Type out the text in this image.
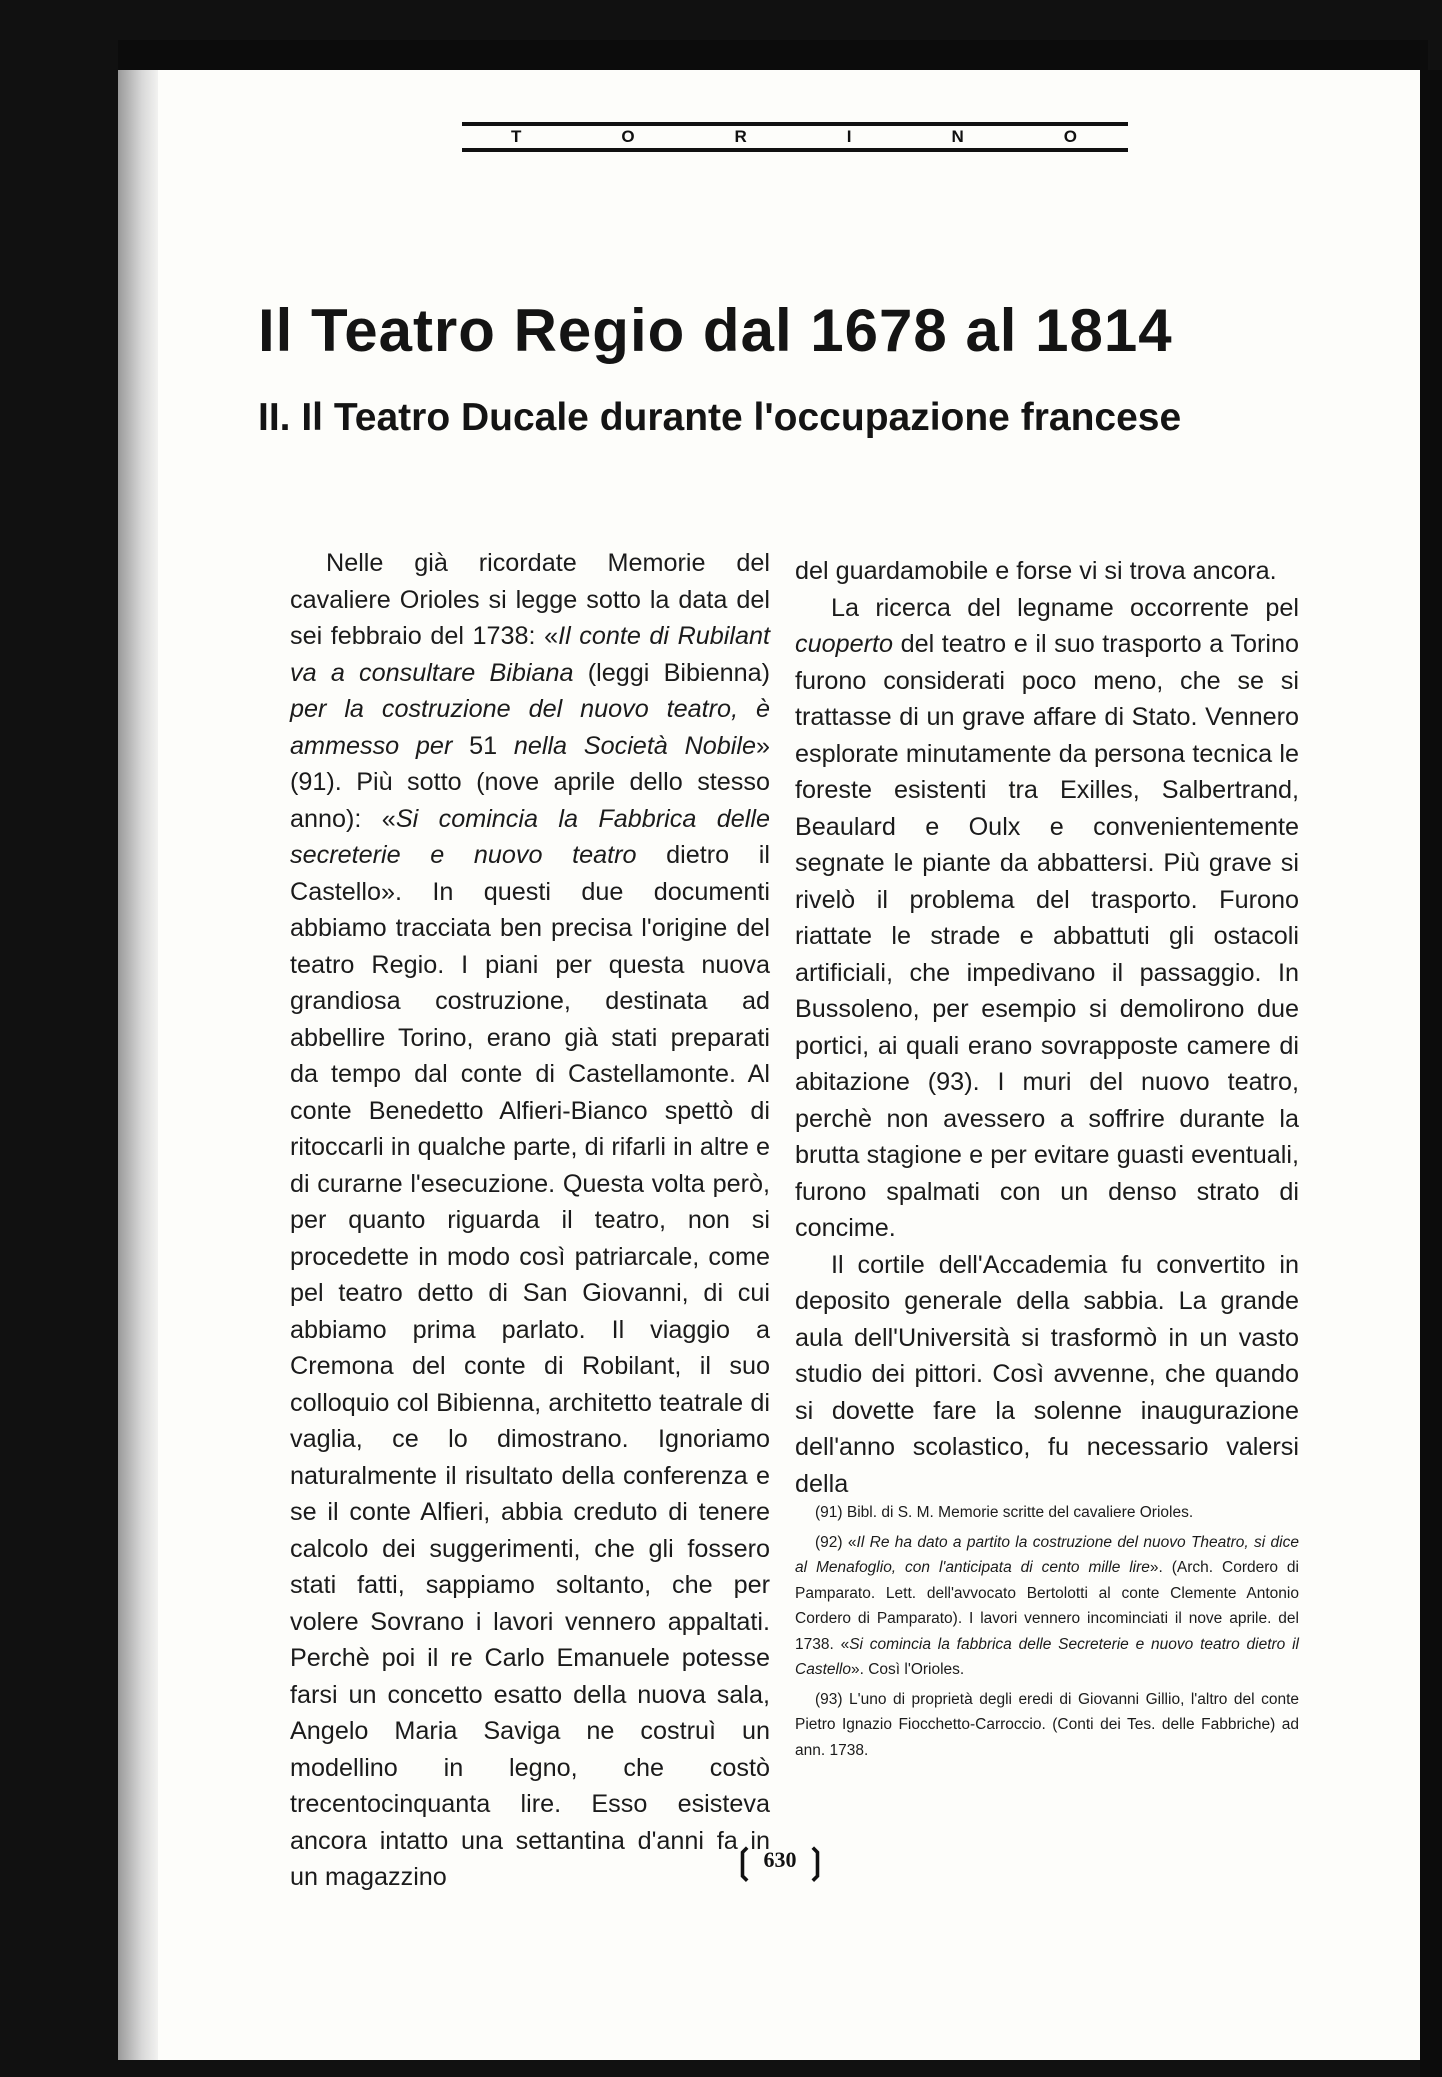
T	O	R	I	N	O
Il Teatro Regio dal 1678 al 1814
II. Il Teatro Ducale durante l'occupazione francese

Nelle già ricordate Memorie del cavaliere Orioles si legge sotto la data del sei febbraio del 1738: «Il conte di Rubilant va a consultare Bibiana (leggi Bibienna) per la costruzione del nuovo teatro, è ammesso per 51 nella Società Nobile» (91). Più sotto (nove aprile dello stesso anno): «Si comincia la Fabbrica delle secreterie e nuovo teatro dietro il Castello». In questi due documenti abbiamo tracciata ben precisa l'origine del teatro Regio. I piani per questa nuova grandiosa costruzione, destinata ad abbellire Torino, erano già stati preparati da tempo dal conte di Castellamonte. Al conte Benedetto Alfieri-Bianco spettò di ritoccarli in qualche parte, di rifarli in altre e di curarne l'esecuzione. Questa volta però, per quanto riguarda il teatro, non si procedette in modo così patriarcale, come pel teatro detto di San Giovanni, di cui abbiamo prima parlato. Il viaggio a Cremona del conte di Robilant, il suo colloquio col Bibienna, architetto teatrale di vaglia, ce lo dimostrano. Ignoriamo naturalmente il risultato della conferenza e se il conte Alfieri, abbia creduto di tenere calcolo dei suggerimenti, che gli fossero stati fatti, sappiamo soltanto, che per volere Sovrano i lavori vennero appaltati. Perchè poi il re Carlo Emanuele potesse farsi un concetto esatto della nuova sala, Angelo Maria Saviga ne costruì un modellino in legno, che costò trecentocinquanta lire. Esso esisteva ancora intatto una settantina d'anni fa in un magazzino

del guardamobile e forse vi si trova ancora.

La ricerca del legname occorrente pel cuoperto del teatro e il suo trasporto a Torino furono considerati poco meno, che se si trattasse di un grave affare di Stato. Vennero esplorate minutamente da persona tecnica le foreste esistenti tra Exilles, Salbertrand, Beaulard e Oulx e convenientemente segnate le piante da abbattersi. Più grave si rivelò il problema del trasporto. Furono riattate le strade e abbattuti gli ostacoli artificiali, che impedivano il passaggio. In Bussoleno, per esempio si demolirono due portici, ai quali erano sovrapposte camere di abitazione (93). I muri del nuovo teatro, perchè non avessero a soffrire durante la brutta stagione e per evitare guasti eventuali, furono spalmati con un denso strato di concime.

Il cortile dell'Accademia fu convertito in deposito generale della sabbia. La grande aula dell'Università si trasformò in un vasto studio dei pittori. Così avvenne, che quando si dovette fare la solenne inaugurazione dell'anno scolastico, fu necessario valersi della

(91) Bibl. di S. M. Memorie scritte del cavaliere Orioles.

(92) «Il Re ha dato a partito la costruzione del nuovo Theatro, si dice al Menafoglio, con l'anticipata di cento mille lire». (Arch. Cordero di Pamparato. Lett. dell'avvocato Bertolotti al conte Clemente Antonio Cordero di Pamparato). I lavori vennero incominciati il nove aprile. del 1738. «Si comincia la fabbrica delle Secreterie e nuovo teatro dietro il Castello». Così l'Orioles.

(93) L'uno di proprietà degli eredi di Giovanni Gillio, l'altro del conte Pietro Ignazio Fiocchetto-Carroccio. (Conti dei Tes. delle Fabbriche) ad ann. 1738.

❲ 630 ❳
